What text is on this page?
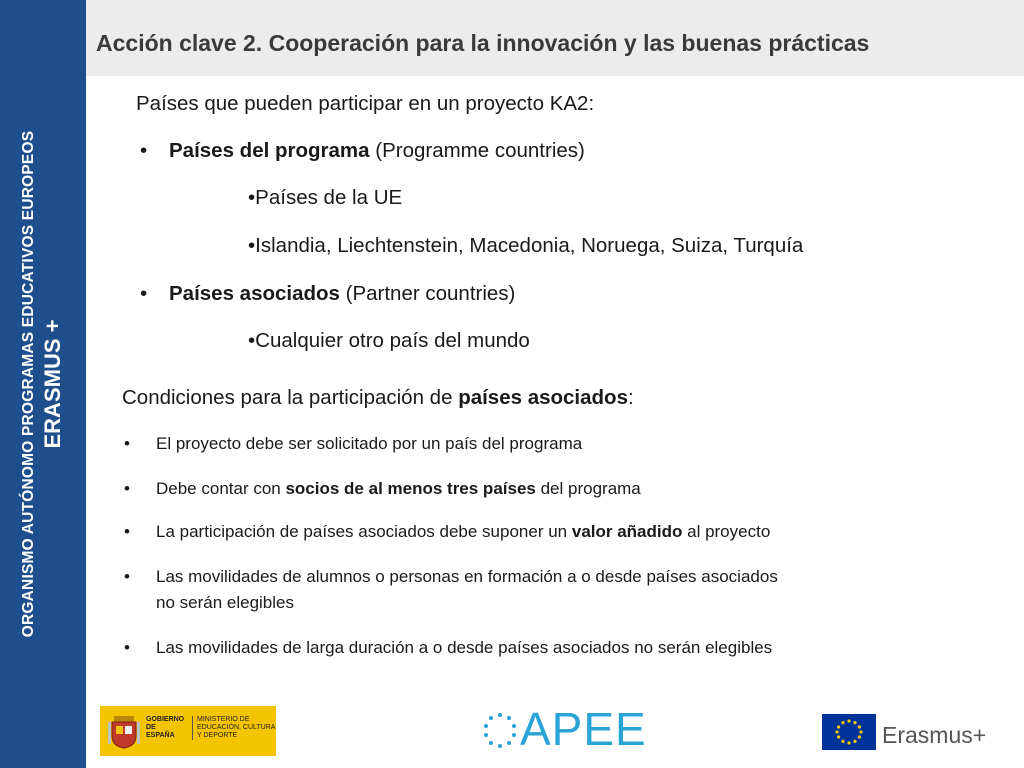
ORGANISMO AUTÓNOMO PROGRAMAS EDUCATIVOS EUROPEOS ERASMUS +
Acción clave 2. Cooperación para la innovación y las buenas prácticas
Países que pueden participar en un proyecto KA2:
• Países del programa (Programme countries)
•Países de la UE
•Islandia, Liechtenstein, Macedonia, Noruega, Suiza, Turquía
• Países asociados (Partner countries)
•Cualquier otro país del mundo
Condiciones para la participación de países asociados:
• El proyecto debe ser solicitado por un país del programa
• Debe contar con socios de al menos tres países del programa
• La participación de países asociados debe suponer un valor añadido al proyecto
• Las movilidades de alumnos o personas en formación a o desde países asociados
no serán elegibles
• Las movilidades de larga duración a o desde países asociados no serán elegibles
GOBIERNO DE ESPAÑA
MINISTERIO DE EDUCACIÓN, CULTURA Y DEPORTE	APEE	Erasmus+
